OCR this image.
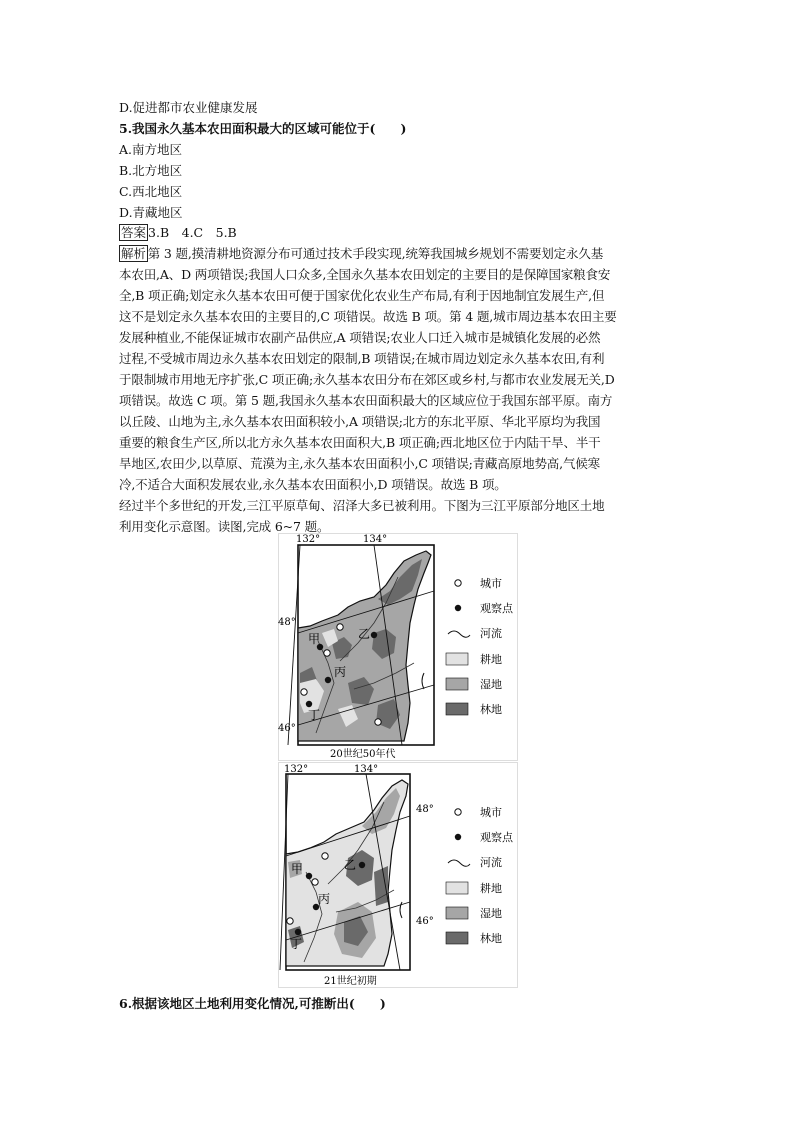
D.促进都市农业健康发展
5.我国永久基本农田面积最大的区域可能位于(　　)
A.南方地区
B.北方地区
C.西北地区
D.青藏地区
答案 3.B　4.C　5.B
解析 第 3 题,摸清耕地资源分布可通过技术手段实现,统筹我国城乡规划不需要划定永久基
本农田,A、D 两项错误;我国人口众多,全国永久基本农田划定的主要目的是保障国家粮食安
全,B 项正确;划定永久基本农田可便于国家优化农业生产布局,有利于因地制宜发展生产,但
这不是划定永久基本农田的主要目的,C 项错误。故选 B 项。第 4 题,城市周边基本农田主要
发展种植业,不能保证城市农副产品供应,A 项错误;农业人口迁入城市是城镇化发展的必然
过程,不受城市周边永久基本农田划定的限制,B 项错误;在城市周边划定永久基本农田,有利
于限制城市用地无序扩张,C 项正确;永久基本农田分布在郊区或乡村,与都市农业发展无关,D
项错误。故选 C 项。第 5 题,我国永久基本农田面积最大的区域应位于我国东部平原。南方
以丘陵、山地为主,永久基本农田面积较小,A 项错误;北方的东北平原、华北平原均为我国
重要的粮食生产区,所以北方永久基本农田面积大,B 项正确;西北地区位于内陆干旱、半干
旱地区,农田少,以草原、荒漠为主,永久基本农田面积小,C 项错误;青藏高原地势高,气候寒
冷,不适合大面积发展农业,永久基本农田面积小,D 项错误。故选 B 项。
经过半个多世纪的开发,三江平原草甸、沼泽大多已被利用。下图为三江平原部分地区土地
利用变化示意图。读图,完成 6~7 题。
甲	乙
丙
丁
132°	134°
48°
46°
20世纪50年代
城市
观察点
河流
耕地
湿地
林地
甲	乙
丙
丁
132°	134°
48°
46°
21世纪初期
城市
观察点
河流
耕地
湿地
林地
6.根据该地区土地利用变化情况,可推断出(　　)
